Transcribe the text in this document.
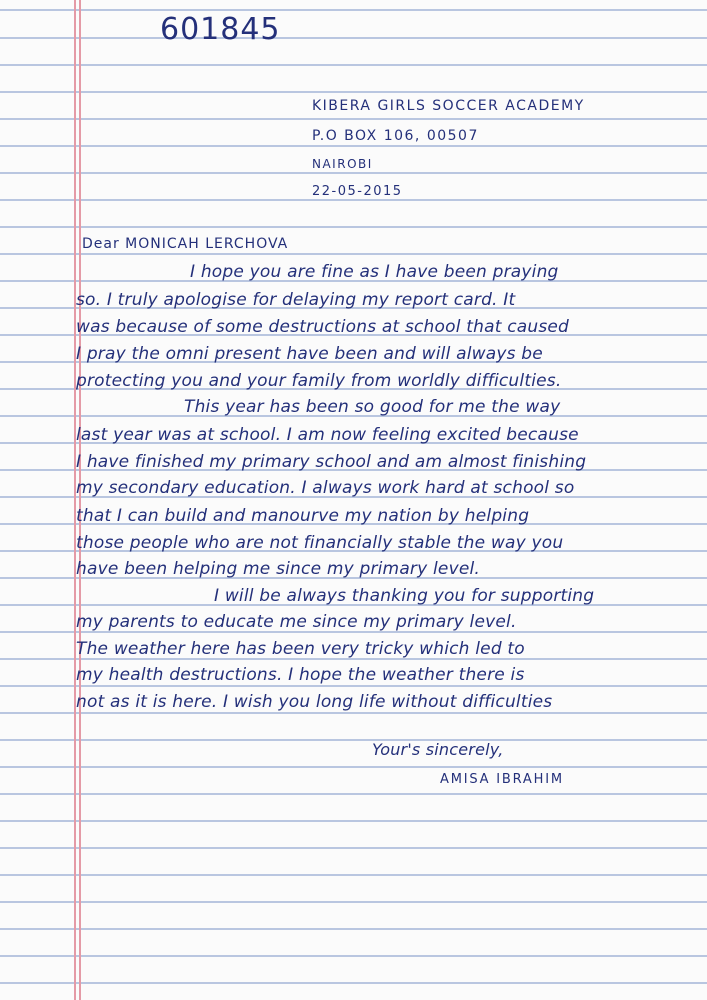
601845
KIBERA GIRLS SOCCER ACADEMY
P.O BOX 106, 00507
NAIROBI
22-05-2015
Dear MONICAH LERCHOVA
I hope you are fine as I have been praying
so. I truly apologise for delaying my report card. It
was because of some destructions at school that caused
I pray the omni present have been and will always be
protecting you and your family from worldly difficulties.
This year has been so good for me the way
last year was at school. I am now feeling excited because
I have finished my primary school and am almost finishing
my secondary education. I always work hard at school so
that I can build and manourve my nation by helping
those people who are not financially stable the way you
have been helping me since my primary level.
I will be always thanking you for supporting
my parents to educate me since my primary level.
The weather here has been very tricky which led to
my health destructions. I hope the weather there is
not as it is here. I wish you long life without difficulties
Your's sincerely,
AMISA IBRAHIM
